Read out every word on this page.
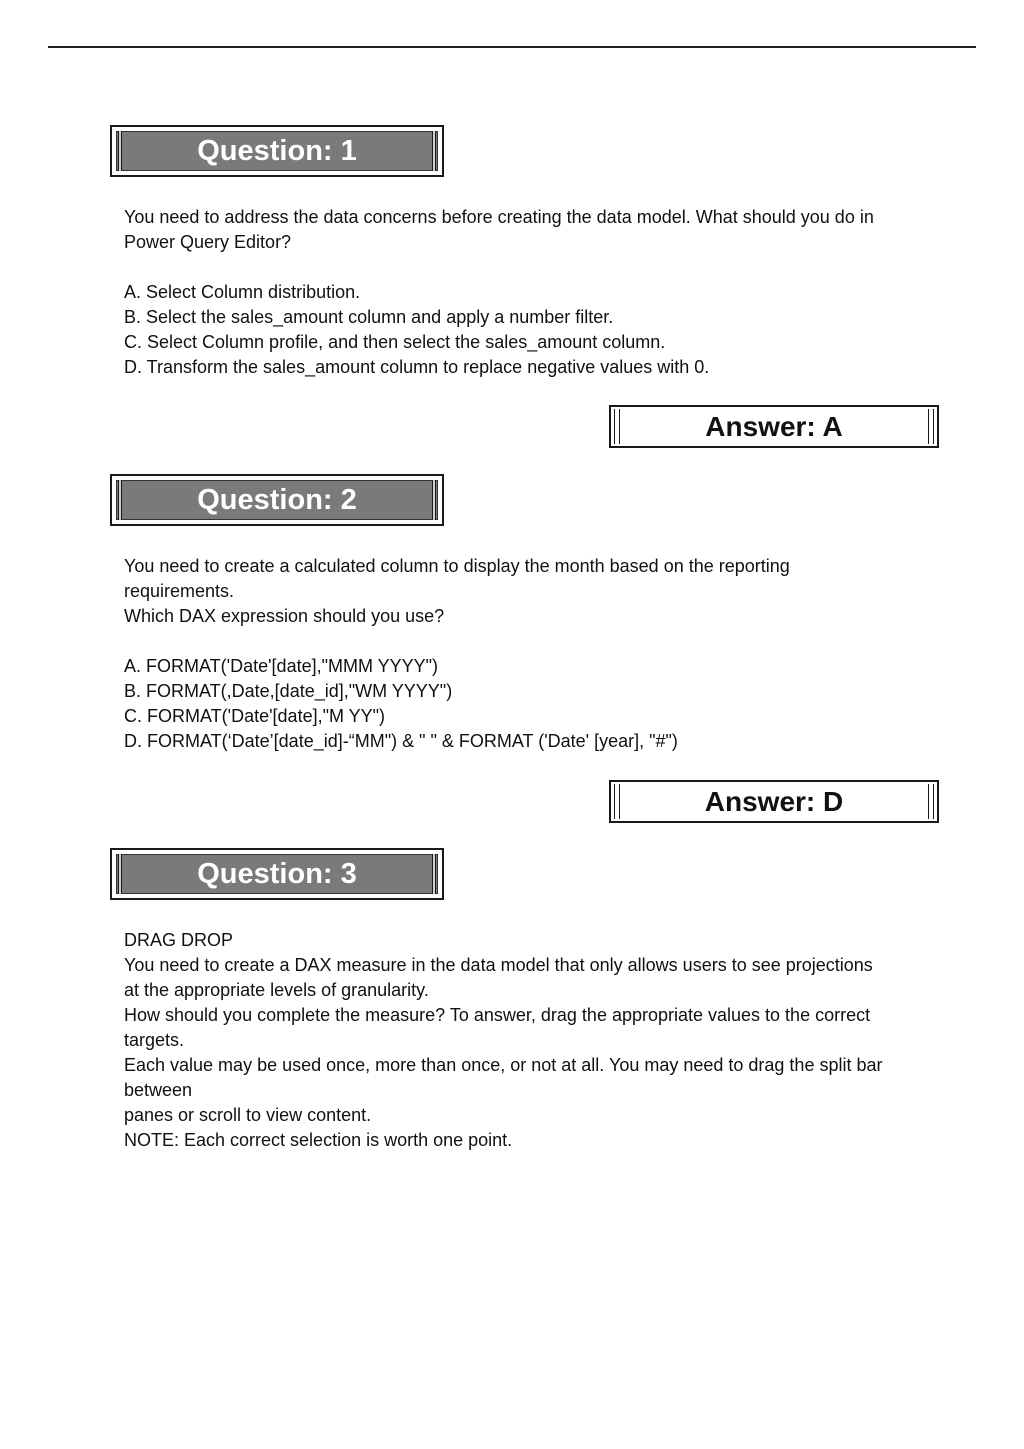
Question: 1

You need to address the data concerns before creating the data model. What should you do in

Power Query Editor?

A. Select Column distribution.
B. Select the sales_amount column and apply a number filter.
C. Select Column profile, and then select the sales_amount column.
D. Transform the sales_amount column to replace negative values with 0.
Answer: A
Question: 2

You need to create a calculated column to display the month based on the reporting

requirements.

Which DAX expression should you use?

A. FORMAT('Date'[date],"MMM YYYY")
B. FORMAT(,Date,[date_id],"WM YYYY")
C. FORMAT('Date'[date],"M YY")
D. FORMAT(‘Date’[date_id]-“MM") & " " & FORMAT ('Date' [year], "#")
Answer: D
Question: 3

DRAG DROP

You need to create a DAX measure in the data model that only allows users to see projections

at the appropriate levels of granularity.

How should you complete the measure? To answer, drag the appropriate values to the correct

targets.

Each value may be used once, more than once, or not at all. You may need to drag the split bar

between

panes or scroll to view content.

NOTE: Each correct selection is worth one point.
